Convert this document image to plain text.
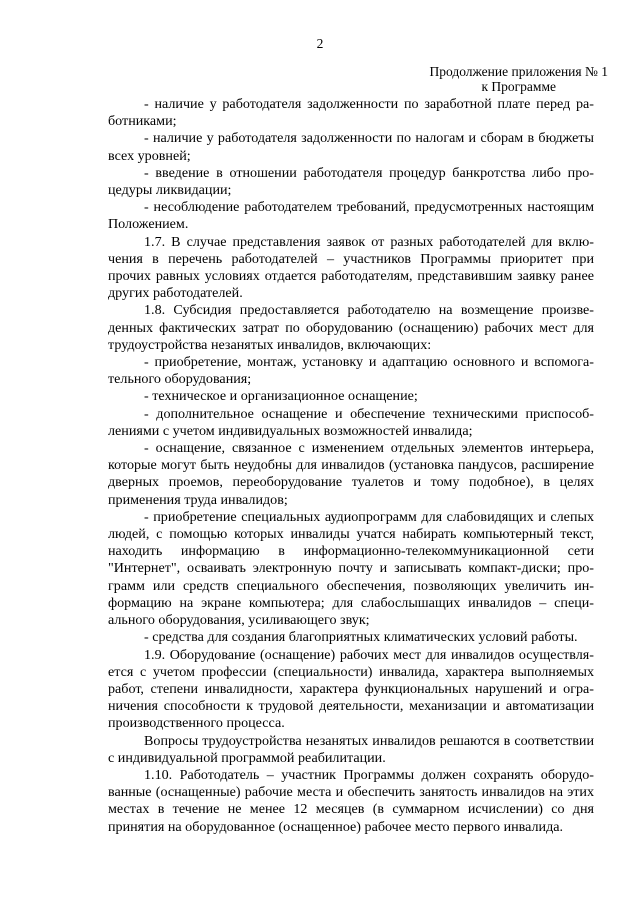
2
Продолжение приложения № 1
к Программе

- наличие у работодателя задолженности по заработной плате перед работниками;

- наличие у работодателя задолженности по налогам и сборам в бюджеты всех уровней;

- введение в отношении работодателя процедур банкротства либо процедуры ликвидации;

- несоблюдение работодателем требований, предусмотренных настоящим Положением.

1.7. В случае представления заявок от разных работодателей для включения в перечень работодателей – участников Программы приоритет при прочих равных условиях отдается работодателям, представившим заявку ранее других работодателей.

1.8. Субсидия предоставляется работодателю на возмещение произведенных фактических затрат по оборудованию (оснащению) рабочих мест для трудоустройства незанятых инвалидов, включающих:

- приобретение, монтаж, установку и адаптацию основного и вспомогательного оборудования;

- техническое и организационное оснащение;

- дополнительное оснащение и обеспечение техническими приспособлениями с учетом индивидуальных возможностей инвалида;

- оснащение, связанное с изменением отдельных элементов интерьера, которые могут быть неудобны для инвалидов (установка пандусов, расширение дверных проемов, переоборудование туалетов и тому подобное), в целях применения труда инвалидов;

- приобретение специальных аудиопрограмм для слабовидящих и слепых людей, с помощью которых инвалиды учатся набирать компьютерный текст, находить информацию в информационно-телекоммуникационной сети "Интернет", осваивать электронную почту и записывать компакт-диски; программ или средств специального обеспечения, позволяющих увеличить информацию на экране компьютера; для слабослышащих инвалидов – специального оборудования, усиливающего звук;

- средства для создания благоприятных климатических условий работы.

1.9. Оборудование (оснащение) рабочих мест для инвалидов осуществляется с учетом профессии (специальности) инвалида, характера выполняемых работ, степени инвалидности, характера функциональных нарушений и ограничения способности к трудовой деятельности, механизации и автоматизации производственного процесса.

Вопросы трудоустройства незанятых инвалидов решаются в соответствии с индивидуальной программой реабилитации.

1.10. Работодатель – участник Программы должен сохранять оборудованные (оснащенные) рабочие места и обеспечить занятость инвалидов на этих местах в течение не менее 12 месяцев (в суммарном исчислении) со дня принятия на оборудованное (оснащенное) рабочее место первого инвалида.
